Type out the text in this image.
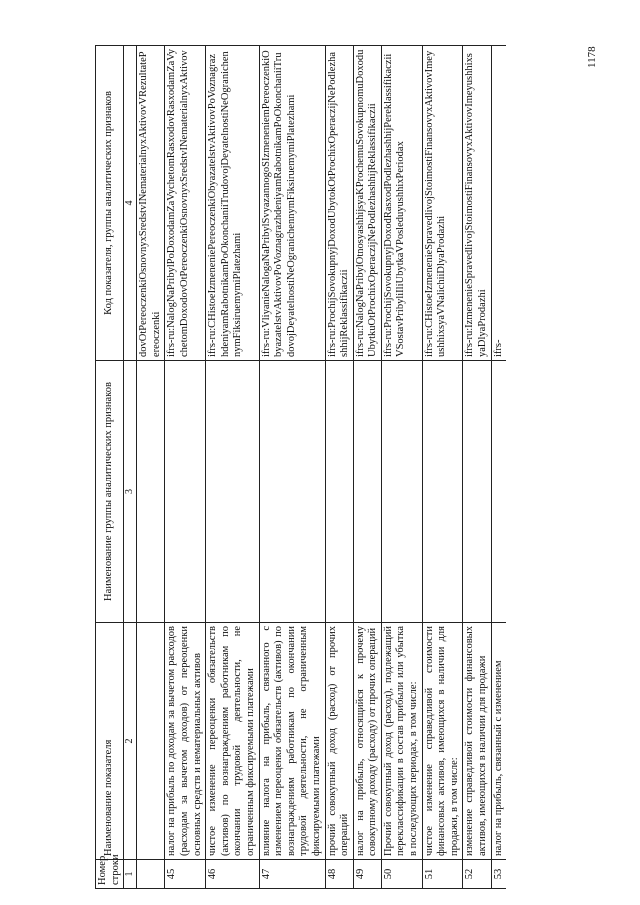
1178
Номер строки	Наименование показателя	Наименование группы аналитических признаков	Код показателя, группы аналитических признаков
1	2	3	4
			dovOtPereoczenkiOsnovnyxSredstvINematerialnyxAktivovVRezultatePereoczenki
45	налог на прибыль по доходам за вычетом расходов (расходам за вычетом доходов) от переоценки основных средств и нематериальных активов		ifrs-ru:NalogNaPribylPoDoxodamZaVychetomRasxodovRasxodamZaVychetomDoxodovOtPereoczenkiOsnovnyxSredstvINematerialnyxAktivov
46	чистое изменение переоценки обязательств (активов) по вознаграждениям работникам по окончании трудовой деятельности, не ограниченным фиксируемыми платежами		ifrs-ru:CHistoeIzmeneniePereoczenkiObyazatelstvAktivovPoVoznagrazhdeniyamRabotnikamPoOkonchaniiTrudovojDeyatelnostiNeOgranichennymFiksiruemymiPlatezhami
47	влияние налога на прибыль, связанного с изменением переоценки обязательств (активов) по вознаграждениям работникам по окончании трудовой деятельности, не ограниченным фиксируемыми платежами		ifrs-ru:VliyanieNalogaNaPribylSvyazannogoSIzmeneniemPereoczenkiObyazatelstvAktivovPoVoznagrazhdeniyamRabotnikamPoOkonchaniiTrudovojDeyatelnostiNeOgranichennymFiksiruemymiPlatezhami
48	прочий совокупный доход (расход) от прочих операций		ifrs-ru:ProchijSovokupnyjDoxodUbytokOtProchixOperaczijNePodlezhashhijReklassifikaczii
49	налог на прибыль, относящийся к прочему совокупному доходу (расходу) от прочих операций		ifrs-ru:NalogNaPribylOtnosyashhijsyaKProchemuSovokupnomuDoxoduUbytkuOtProchixOperaczijNePodlezhashhijReklassifikaczii
50	Прочий совокупный доход (расход), подлежащий переклассификации в состав прибыли или убытка в последующих периодах, в том числе:		ifrs-ru:ProchijSovokupnyjDoxodRasxodPodlezhashhijPereklassifikacziiVSostavPribyliIliUbytkaVPosleduyushhixPeriodax
51	чистое изменение справедливой стоимости финансовых активов, имеющихся в наличии для продажи, в том числе:		ifrs-ru:CHistoeIzmenenieSpravedlivojStoimostiFinansovyxAktivovImeyushhixsyaVNalichiiDlyaProdazhi
52	изменение справедливой стоимости финансовых активов, имеющихся в наличии для продажи		ifrs-ru:IzmenenieSpravedlivojStoimostiFinansovyxAktivovImeyushhixsyaDlyaProdazhi
53	налог на прибыль, связанный с изменением		ifrs-
